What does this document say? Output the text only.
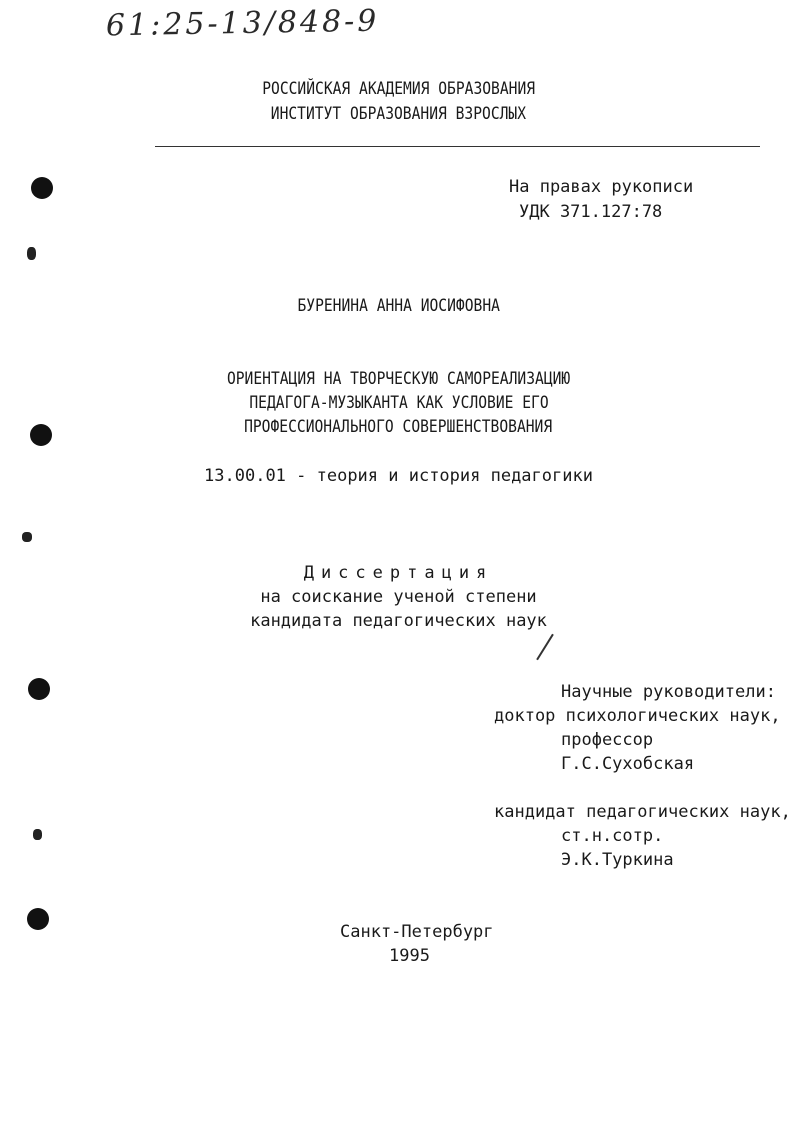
61:25-13/848-9
РОССИЙСКАЯ АКАДЕМИЯ ОБРАЗОВАНИЯ
ИНСТИТУТ ОБРАЗОВАНИЯ ВЗРОСЛЫХ
На правах рукописи
УДК 371.127:78
БУРЕНИНА АННА ИОСИФОВНА
ОРИЕНТАЦИЯ НА ТВОРЧЕСКУЮ САМОРЕАЛИЗАЦИЮ
ПЕДАГОГА-МУЗЫКАНТА КАК УСЛОВИЕ ЕГО
ПРОФЕССИОНАЛЬНОГО СОВЕРШЕНСТВОВАНИЯ
13.00.01 - теория и история педагогики
Диссертация
на соискание ученой степени
кандидата педагогических наук
Научные руководители:
доктор психологических наук,
профессор
Г.С.Сухобская
кандидат педагогических наук,
ст.н.сотр.
Э.К.Туркина
Санкт-Петербург
1995
